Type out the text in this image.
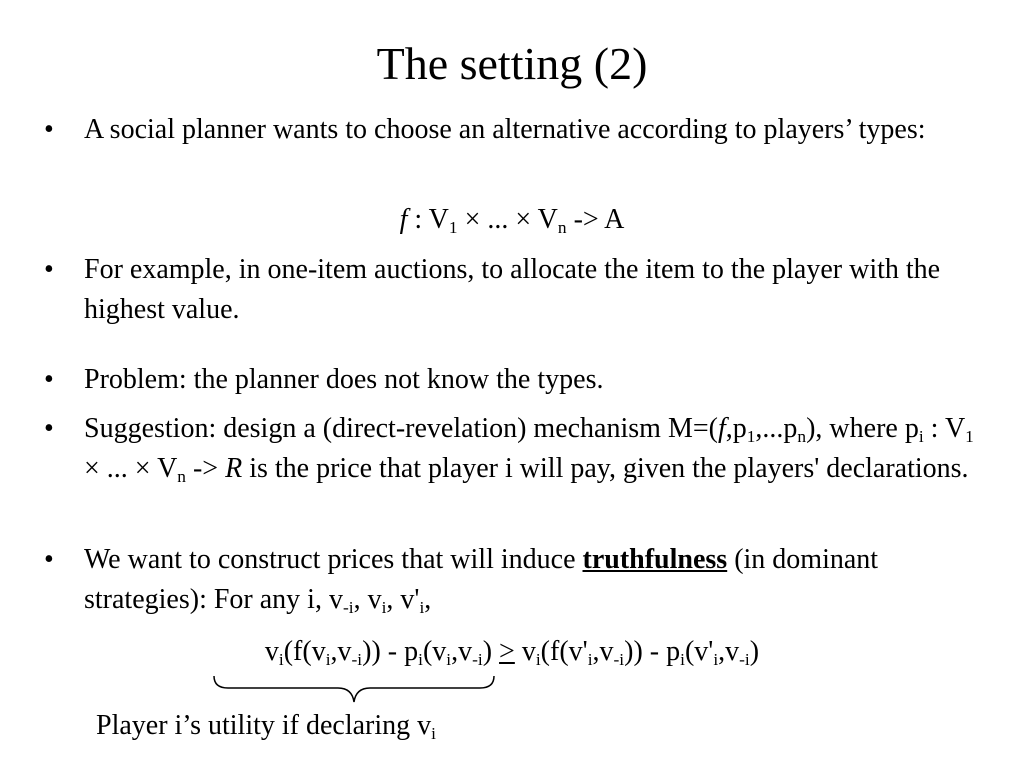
The setting (2)
• A social planner wants to choose an alternative according to players’ types:
f : $V_1$ × ... × $V_n -> A$
• For example, in one-item auctions, to allocate the item to the player with the highest value.
• Problem: the planner does not know the types.
• Suggestion: design a (direct-revelation) mechanism $M=(f,p_1,...p_n)$, where $p_i$ : $V_1$ × ... × $V_n -> R$ is the price that player i will pay, given the players' declarations.
• We want to construct prices that will induce truthfulness (in dominant strategies): For any i, $v_{-i}$, $v_i$, $v'_i$,
$v_i(f(v_i,v_{-i})) - p_i(v_i,v_{-i}) \ge v_i(f(v'_i,v_{-i})) - p_i(v'_i,v_{-i})$
Player i’s utility if declaring $v_i$
